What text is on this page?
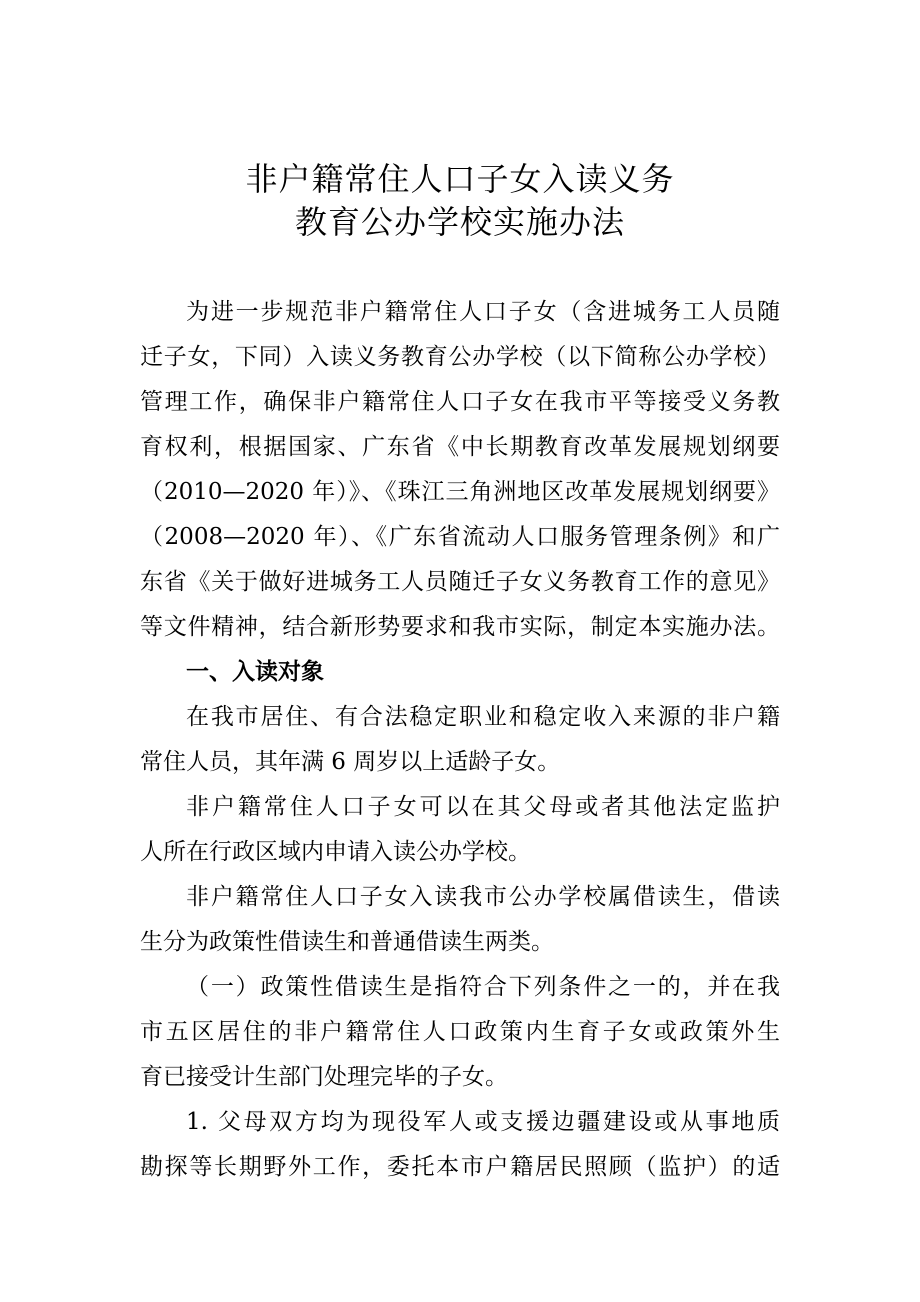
非户籍常住人口子女入读义务
教育公办学校实施办法
为进一步规范非户籍常住人口子女（含进城务工人员随
迁子女，下同）入读义务教育公办学校（以下简称公办学校）
管理工作，确保非户籍常住人口子女在我市平等接受义务教
育权利，根据国家、广东省《中长期教育改革发展规划纲要
（2010—2020 年）》、《珠江三角洲地区改革发展规划纲要》
（2008—2020 年）、《广东省流动人口服务管理条例》和广
东省《关于做好进城务工人员随迁子女义务教育工作的意见》
等文件精神，结合新形势要求和我市实际，制定本实施办法。
一、入读对象
在我市居住、有合法稳定职业和稳定收入来源的非户籍
常住人员，其年满 6 周岁以上适龄子女。
非户籍常住人口子女可以在其父母或者其他法定监护
人所在行政区域内申请入读公办学校。
非户籍常住人口子女入读我市公办学校属借读生，借读
生分为政策性借读生和普通借读生两类。
（一）政策性借读生是指符合下列条件之一的，并在我
市五区居住的非户籍常住人口政策内生育子女或政策外生
育已接受计生部门处理完毕的子女。
1. 父母双方均为现役军人或支援边疆建设或从事地质
勘探等长期野外工作，委托本市户籍居民照顾（监护）的适
